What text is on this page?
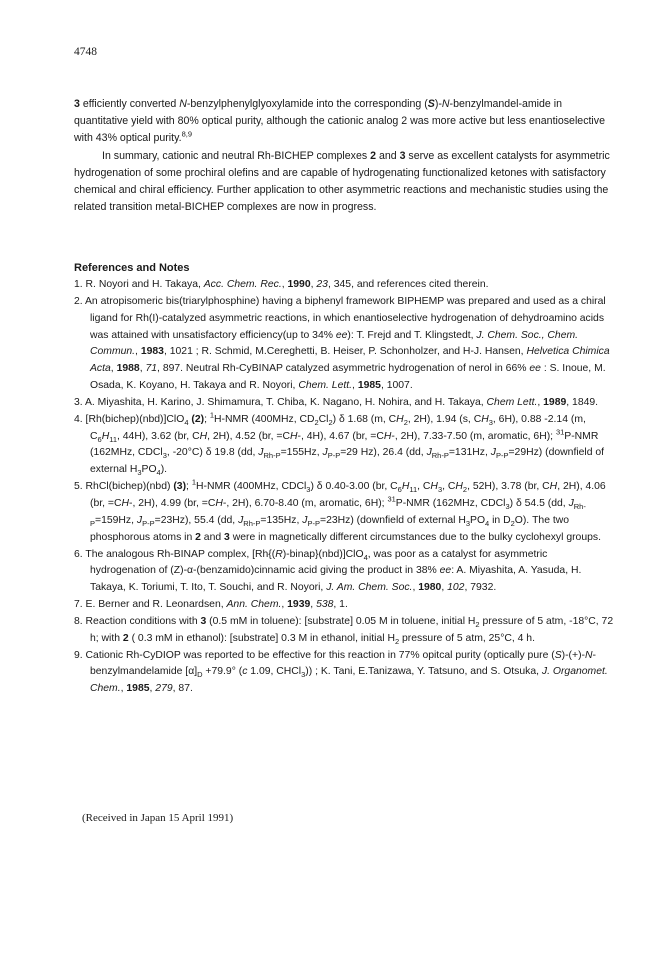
4748

3 efficiently converted N-benzylphenylglyoxylamide into the corresponding (S)-N-benzylmandel-amide in quantitative yield with 80% optical purity, although the cationic analog 2 was more active but less enantioselective with 43% optical purity.$^{8,9}$

In summary, cationic and neutral Rh-BICHEP complexes 2 and 3 serve as excellent catalysts for asymmetric hydrogenation of some prochiral olefins and are capable of hydrogenating functionalized ketones with satisfactory chemical and chiral efficiency. Further application to other asymmetric reactions and mechanistic studies using the related transition metal-BICHEP complexes are now in progress.

References and Notes
1. R. Noyori and H. Takaya, Acc. Chem. Rec., 1990, 23, 345, and references cited therein.
2. An atropisomeric bis(triarylphosphine) having a biphenyl framework BIPHEMP was prepared and used as a chiral ligand for Rh(I)-catalyzed asymmetric reactions, in which enantioselective hydrogenation of dehydroamino acids was attained with unsatisfactory efficiency(up to 34% ee): T. Frejd and T. Klingstedt, J. Chem. Soc., Chem. Commun., 1983, 1021 ; R. Schmid, M.Cereghetti, B. Heiser, P. Schonholzer, and H-J. Hansen, Helvetica Chimica Acta, 1988, 71, 897. Neutral Rh-CyBINAP catalyzed asymmetric hydrogenation of nerol in 66% ee : S. Inoue, M. Osada, K. Koyano, H. Takaya and R. Noyori, Chem. Lett., 1985, 1007.
3. A. Miyashita, H. Karino, J. Shimamura, T. Chiba, K. Nagano, H. Nohira, and H. Takaya, Chem Lett., 1989, 1849.
4. [Rh(bichep)(nbd)]ClO$_4$ (2); $^1$H-NMR (400MHz, $CD_2Cl_2$) δ 1.68 (m, $CH_2$, 2H), 1.94 (s, $CH_3$, 6H), 0.88 -2.14 (m, $C_6H_{11}$, 44H), 3.62 (br, CH, 2H), 4.52 (br, =CH-, 4H), 4.67 (br, =CH-, 2H), 7.33-7.50 (m, aromatic, 6H); $^{31}$P-NMR (162MHz, CDCl$_3$, -20°C) δ 19.8 (dd, $J_{Rh-P}=155Hz$, $J_{P-P}=29$ Hz), 26.4 (dd, $J_{Rh-P}=131Hz$, $J_{P-P}=29Hz$) (downfield of external $H_3PO_4$).
5. RhCl(bichep)(nbd) (3); $^1$H-NMR (400MHz, CDCl$_3$) δ 0.40-3.00 (br, $C_6H_{11}$, $CH_3$, $CH_2$, 52H), 3.78 (br, CH, 2H), 4.06 (br, =CH-, 2H), 4.99 (br, =CH-, 2H), 6.70-8.40 (m, aromatic, 6H); $^{31}$P-NMR (162MHz, CDCl$_3$) δ 54.5 (dd, $J_{Rh-P}=159Hz$, $J_{P-P}=23Hz$), 55.4 (dd, $J_{Rh-P}=135Hz$, $J_{P-P}=23Hz$) (downfield of external $H_3PO_4$ in $D_2O$). The two phosphorous atoms in 2 and 3 were in magnetically different circumstances due to the bulky cyclohexyl groups.
6. The analogous Rh-BINAP complex, [Rh{(R)-binap}(nbd)]ClO$_4$, was poor as a catalyst for asymmetric hydrogenation of (Z)-α-(benzamido)cinnamic acid giving the product in 38% ee: A. Miyashita, A. Yasuda, H. Takaya, K. Toriumi, T. Ito, T. Souchi, and R. Noyori, J. Am. Chem. Soc., 1980, 102, 7932.
7. E. Berner and R. Leonardsen, Ann. Chem., 1939, 538, 1.
8. Reaction conditions with 3 (0.5 mM in toluene): [substrate] 0.05 M in toluene, initial $H_2$ pressure of 5 atm, -18°C, 72 h; with 2 ( 0.3 mM in ethanol): [substrate] 0.3 M in ethanol, initial $H_2$ pressure of 5 atm, 25°C, 4 h.
9. Cationic Rh-CyDIOP was reported to be effective for this reaction in 77% opitcal purity (optically pure (S)-(+)-N-benzylmandelamide $[\alpha]_D +79.9^\circ$ (c 1.09, CHCl$_3$)) ; K. Tani, E.Tanizawa, Y. Tatsuno, and S. Otsuka, J. Organomet. Chem., 1985, 279, 87.
(Received in Japan 15 April 1991)
